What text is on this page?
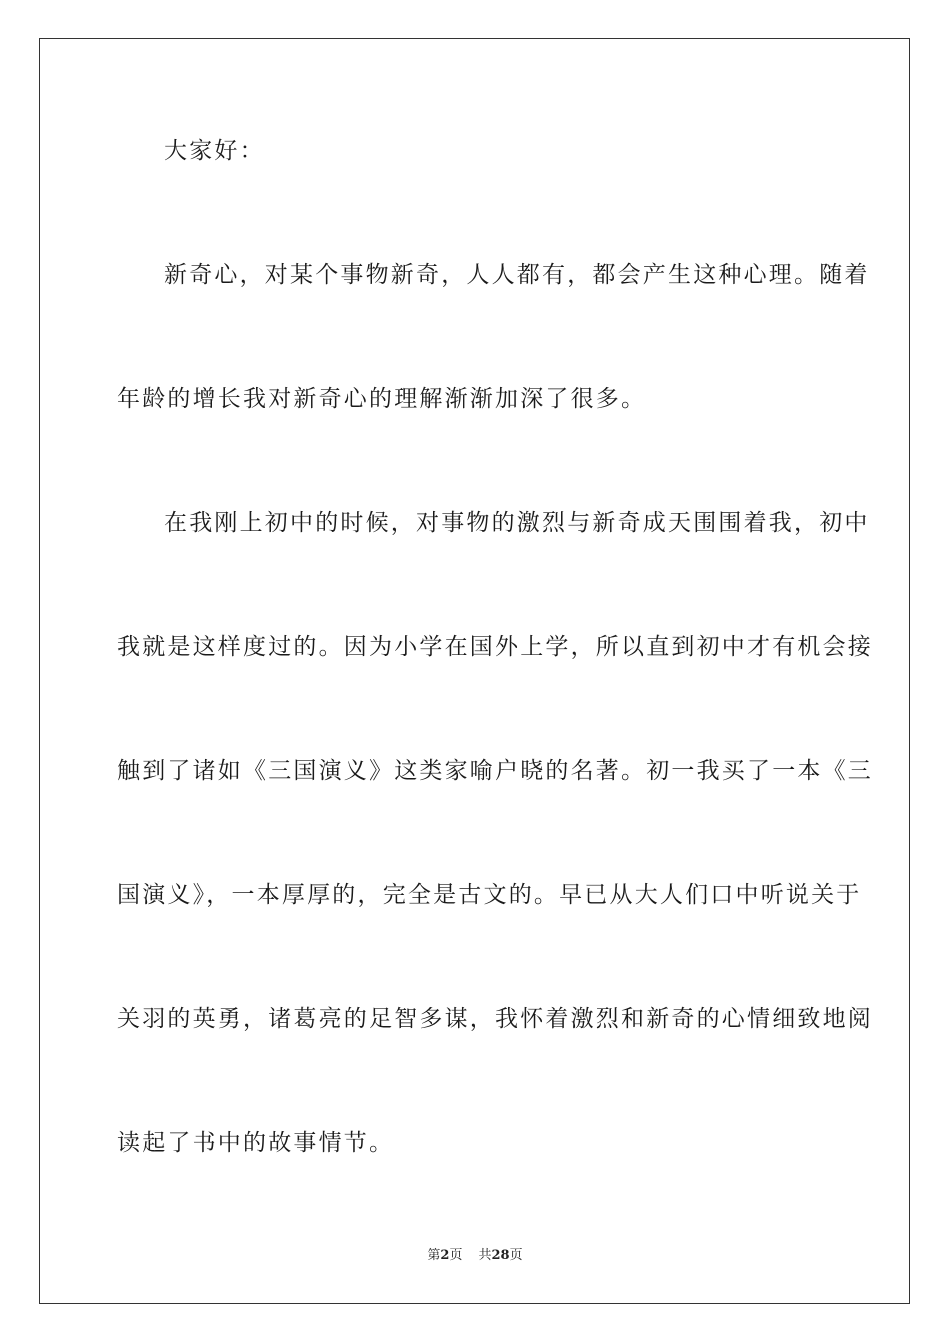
大家好：
新奇心，对某个事物新奇，人人都有，都会产生这种心理。随着
年龄的增长我对新奇心的理解渐渐加深了很多。
在我刚上初中的时候，对事物的激烈与新奇成天围围着我，初中
我就是这样度过的。因为小学在国外上学，所以直到初中才有机会接
触到了诸如《三国演义》这类家喻户晓的名著。初一我买了一本《三
国演义》，一本厚厚的，完全是古文的。早已从大人们口中听说关于
关羽的英勇，诸葛亮的足智多谋，我怀着激烈和新奇的心情细致地阅
读起了书中的故事情节。
第2页 共28页
